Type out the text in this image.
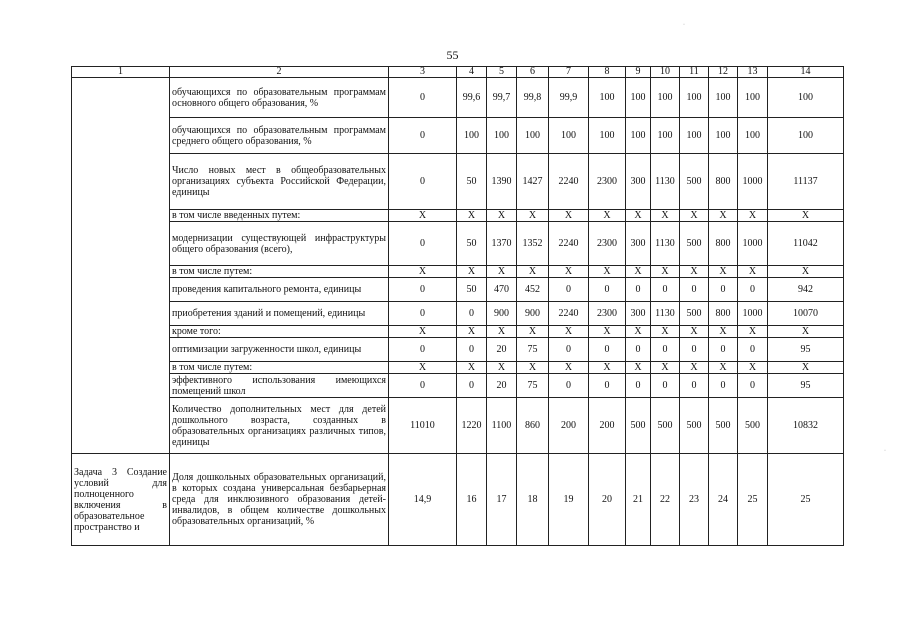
55
·
·
1	2	3	4	5	6	7	8	9	10	11	12	13	14
	обучающихся по образовательным программам основного общего образования, %	0	99,6	99,7	99,8	99,9	100	100	100	100	100	100	100
	обучающихся по образовательным программам среднего общего образования, %	0	100	100	100	100	100	100	100	100	100	100	100
	Число новых мест в общеобразовательных организациях субъекта Российской Федерации, единицы	0	50	1390	1427	2240	2300	300	1130	500	800	1000	11137
	в том числе введенных путем:	X	X	X	X	X	X	X	X	X	X	X	X
	модернизации существующей инфраструктуры общего образования (всего),	0	50	1370	1352	2240	2300	300	1130	500	800	1000	11042
	в том числе путем:	X	X	X	X	X	X	X	X	X	X	X	X
	проведения капитального ремонта, единицы	0	50	470	452	0	0	0	0	0	0	0	942
	приобретения зданий и помещений, единицы	0	0	900	900	2240	2300	300	1130	500	800	1000	10070
	кроме того:	X	X	X	X	X	X	X	X	X	X	X	X
	оптимизации загруженности школ, единицы	0	0	20	75	0	0	0	0	0	0	0	95
	в том числе путем:	X	X	X	X	X	X	X	X	X	X	X	X
	эффективного использования имеющихся помещений школ	0	0	20	75	0	0	0	0	0	0	0	95
	Количество дополнительных мест для детей дошкольного возраста, созданных в образовательных организациях различных типов, единицы	11010	1220	1100	860	200	200	500	500	500	500	500	10832
Задача 3 Создание условий для полноценного включения в образовательное пространство и	Доля дошкольных образовательных организаций, в которых создана универсальная безбарьерная среда для инклюзивного образования детей-инвалидов, в общем количестве дошкольных образовательных организаций, %	14,9	16	17	18	19	20	21	22	23	24	25	25
